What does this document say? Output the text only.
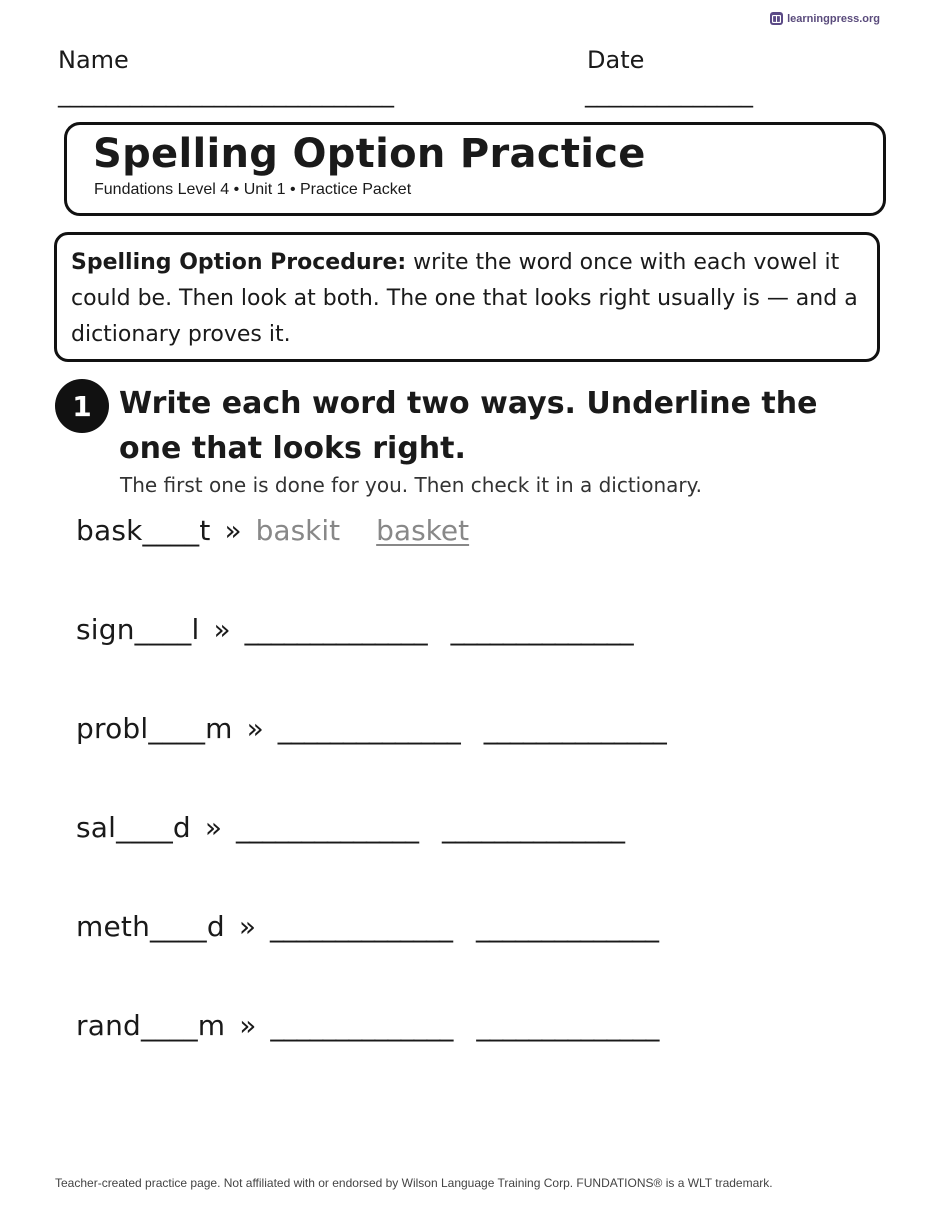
learningpress.org
Name
____________________________
Date
______________
Spelling Option Practice
Fundations Level 4 • Unit 1 • Practice Packet
Spelling Option Procedure: write the word once with each vowel it could be. Then look at both. The one that looks right usually is — and a dictionary proves it.
1 Write each word two ways. Underline the one that looks right.
The first one is done for you. Then check it in a dictionary.
bask____t » baskit basket
sign____l » ______________ ______________
probl____m » ______________ ______________
sal____d » ______________ ______________
meth____d » ______________ ______________
rand____m » ______________ ______________
Teacher-created practice page. Not affiliated with or endorsed by Wilson Language Training Corp. FUNDATIONS® is a WLT trademark.
